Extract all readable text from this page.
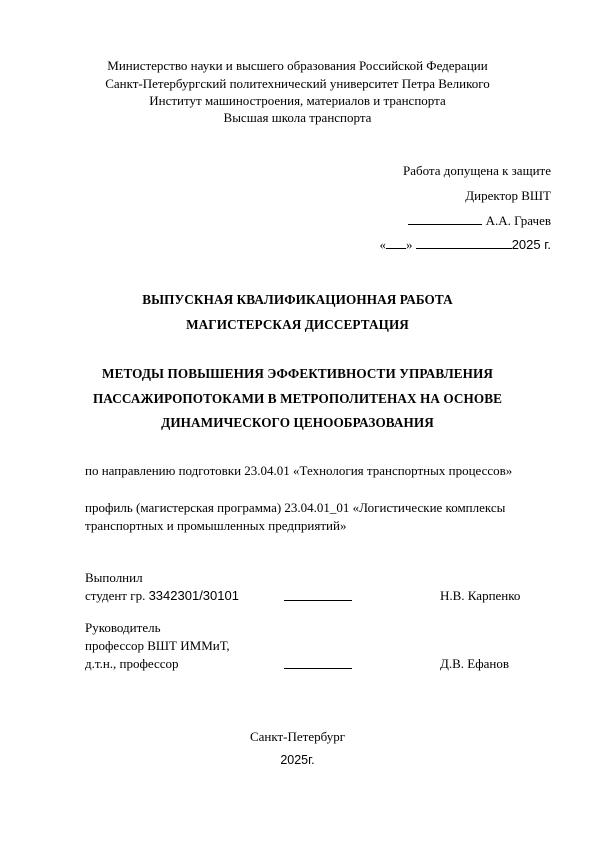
Министерство науки и высшего образования Российской Федерации
Санкт-Петербургский политехнический университет Петра Великого
Институт машиностроения, материалов и транспорта
Высшая школа транспорта
Работа допущена к защите
Директор ВШТ
А.А. Грачев
« »	2025 г.
ВЫПУСКНАЯ КВАЛИФИКАЦИОННАЯ РАБОТА
МАГИСТЕРСКАЯ ДИССЕРТАЦИЯ
МЕТОДЫ ПОВЫШЕНИЯ ЭФФЕКТИВНОСТИ УПРАВЛЕНИЯ
ПАССАЖИРОПОТОКАМИ В МЕТРОПОЛИТЕНАХ НА ОСНОВЕ
ДИНАМИЧЕСКОГО ЦЕНООБРАЗОВАНИЯ
по направлению подготовки 23.04.01 «Технология транспортных процессов»
профиль (магистерская программа) 23.04.01_01 «Логистические комплексы
транспортных и промышленных предприятий»
Выполнил
студент гр. 3342301/30101	Н.В. Карпенко
Руководитель
профессор ВШТ ИММиТ,
д.т.н., профессор	Д.В. Ефанов
Санкт-Петербург
2025г.
